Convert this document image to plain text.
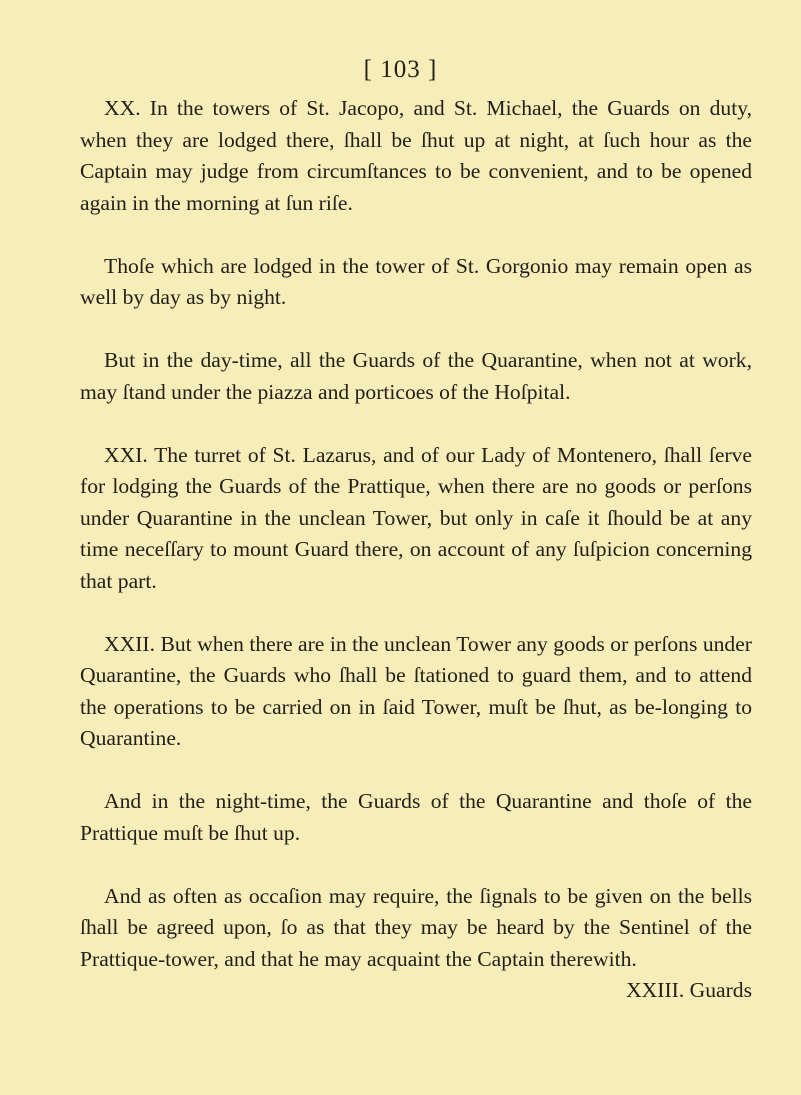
[ 103 ]

XX. In the towers of St. Jacopo, and St. Michael, the Guards on duty, when they are lodged there, ſhall be ſhut up at night, at ſuch hour as the Captain may judge from circumſtances to be convenient, and to be opened again in the morning at ſun riſe.

Thoſe which are lodged in the tower of St. Gorgonio may remain open as well by day as by night.

But in the day-time, all the Guards of the Quarantine, when not at work, may ſtand under the piazza and porticoes of the Hoſpital.

XXI. The turret of St. Lazarus, and of our Lady of Montenero, ſhall ſerve for lodging the Guards of the Prattique, when there are no goods or perſons under Quarantine in the unclean Tower, but only in caſe it ſhould be at any time neceſſary to mount Guard there, on account of any ſuſpicion concerning that part.

XXII. But when there are in the unclean Tower any goods or perſons under Quarantine, the Guards who ſhall be ſtationed to guard them, and to attend the operations to be carried on in ſaid Tower, muſt be ſhut, as be-longing to Quarantine.

And in the night-time, the Guards of the Quarantine and thoſe of the Prattique muſt be ſhut up.

And as often as occaſion may require, the ſignals to be given on the bells ſhall be agreed upon, ſo as that they may be heard by the Sentinel of the Prattique-tower, and that he may acquaint the Captain therewith.

XXIII. Guards
